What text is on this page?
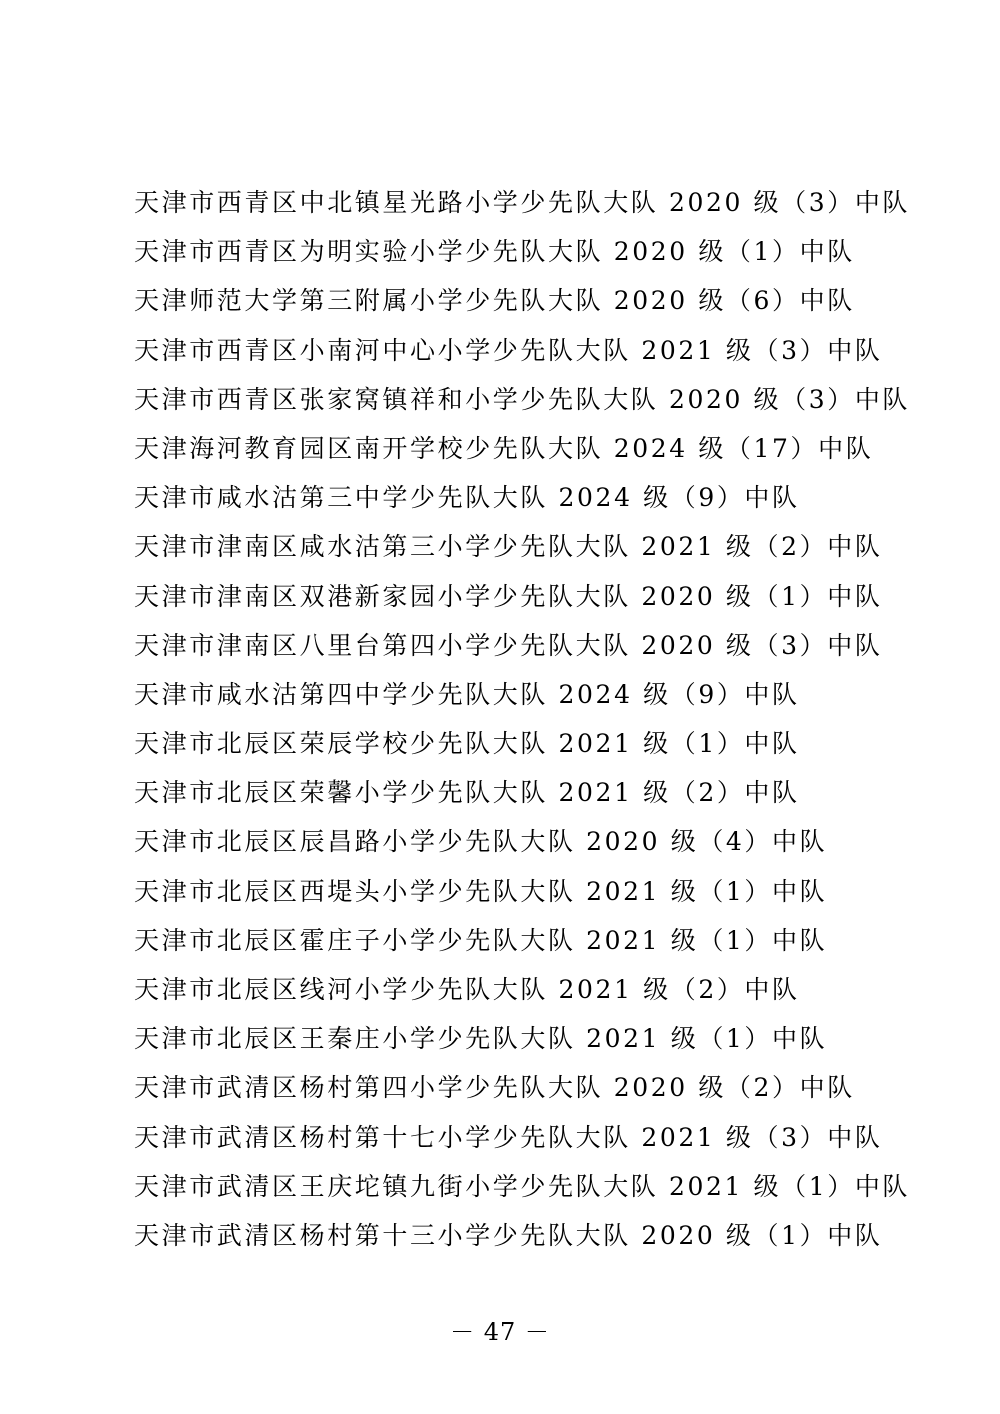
天津市西青区中北镇星光路小学少先队大队 2020 级（3）中队
天津市西青区为明实验小学少先队大队 2020 级（1）中队
天津师范大学第三附属小学少先队大队 2020 级（6）中队
天津市西青区小南河中心小学少先队大队 2021 级（3）中队
天津市西青区张家窝镇祥和小学少先队大队 2020 级（3）中队
天津海河教育园区南开学校少先队大队 2024 级（17）中队
天津市咸水沽第三中学少先队大队 2024 级（9）中队
天津市津南区咸水沽第三小学少先队大队 2021 级（2）中队
天津市津南区双港新家园小学少先队大队 2020 级（1）中队
天津市津南区八里台第四小学少先队大队 2020 级（3）中队
天津市咸水沽第四中学少先队大队 2024 级（9）中队
天津市北辰区荣辰学校少先队大队 2021 级（1）中队
天津市北辰区荣馨小学少先队大队 2021 级（2）中队
天津市北辰区辰昌路小学少先队大队 2020 级（4）中队
天津市北辰区西堤头小学少先队大队 2021 级（1）中队
天津市北辰区霍庄子小学少先队大队 2021 级（1）中队
天津市北辰区线河小学少先队大队 2021 级（2）中队
天津市北辰区王秦庄小学少先队大队 2021 级（1）中队
天津市武清区杨村第四小学少先队大队 2020 级（2）中队
天津市武清区杨村第十七小学少先队大队 2021 级（3）中队
天津市武清区王庆坨镇九街小学少先队大队 2021 级（1）中队
天津市武清区杨村第十三小学少先队大队 2020 级（1）中队
－ 47 －
